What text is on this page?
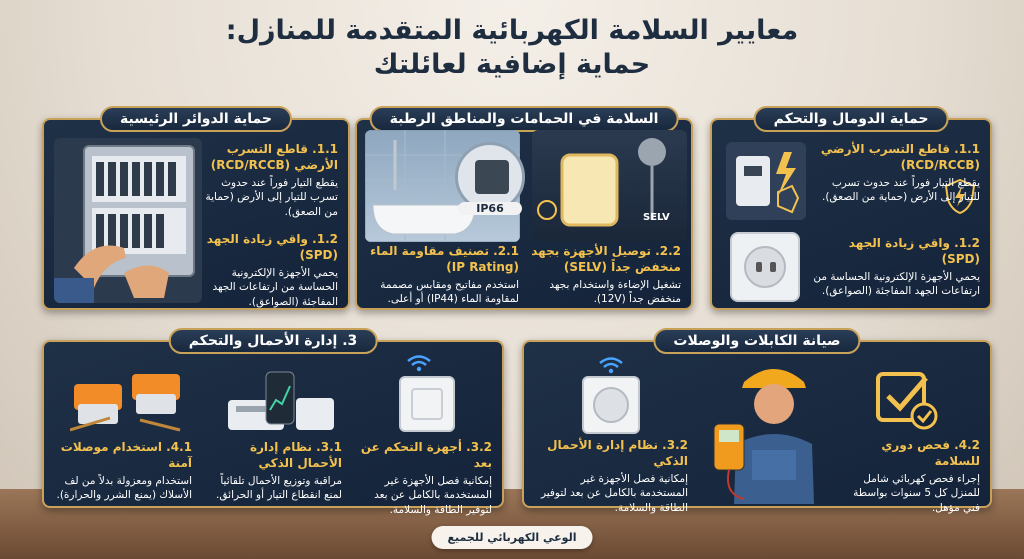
معايير السلامة الكهربائية المتقدمة للمنازل:
حماية إضافية لعائلتك
حماية الدوائر الرئيسية
1.1. قاطع التسرب الأرضي (RCD/RCCB)
يقطع التيار فوراً عند حدوث تسرب للتيار إلى الأرض (حماية من الصعق).
1.2. واقي زيادة الجهد (SPD)
يحمي الأجهزة الإلكترونية الحساسة من ارتفاعات الجهد المفاجئة (الصواعق).
السلامة في الحمامات والمناطق الرطبة
IP66
SELV
2.2. توصيل الأجهزة بجهد منخفض جداً (SELV)
تشغيل الإضاءة واستخدام بجهد منخفض جداً (12V).
2.1. تصنيف مقاومة الماء (IP Rating)
استخدم مفاتيح ومقابس مصممة لمقاومة الماء (IP44) أو أعلى.
حماية الدومال والتحكم
1.1. قاطع التسرب الأرضي (RCD/RCCB)
يقطع التيار فوراً عند حدوث تسرب للتيار إلى الأرض (حماية من الصعق).
1.2. واقي زيادة الجهد (SPD)
يحمي الأجهزة الإلكترونية الحساسة من ارتفاعات الجهد المفاجئة (الصواعق).
3. إدارة الأحمال والتحكم
3.2. أجهزة التحكم عن بعد
إمكانية فصل الأجهزة غير المستخدمة بالكامل عن بعد لتوفير الطاقة والسلامة.
3.1. نظام إدارة الأحمال الذكي
مراقبة وتوزيع الأحمال تلقائياً لمنع انقطاع التيار أو الحرائق.
4.1. استخدام موصلات آمنة
استخدام ومعزولة بدلاً من لف الأسلاك (يمنع الشرر والحرارة).
صيانة الكابلات والوصلات
4.2. فحص دوري للسلامة
إجراء فحص كهربائي شامل للمنزل كل 5 سنوات بواسطة فني مؤهل.
3.2. نظام إدارة الأحمال الذكي
إمكانية فصل الأجهزة غير المستخدمة بالكامل عن بعد لتوفير الطاقة والسلامة.
الوعي الكهربائي للجميع
